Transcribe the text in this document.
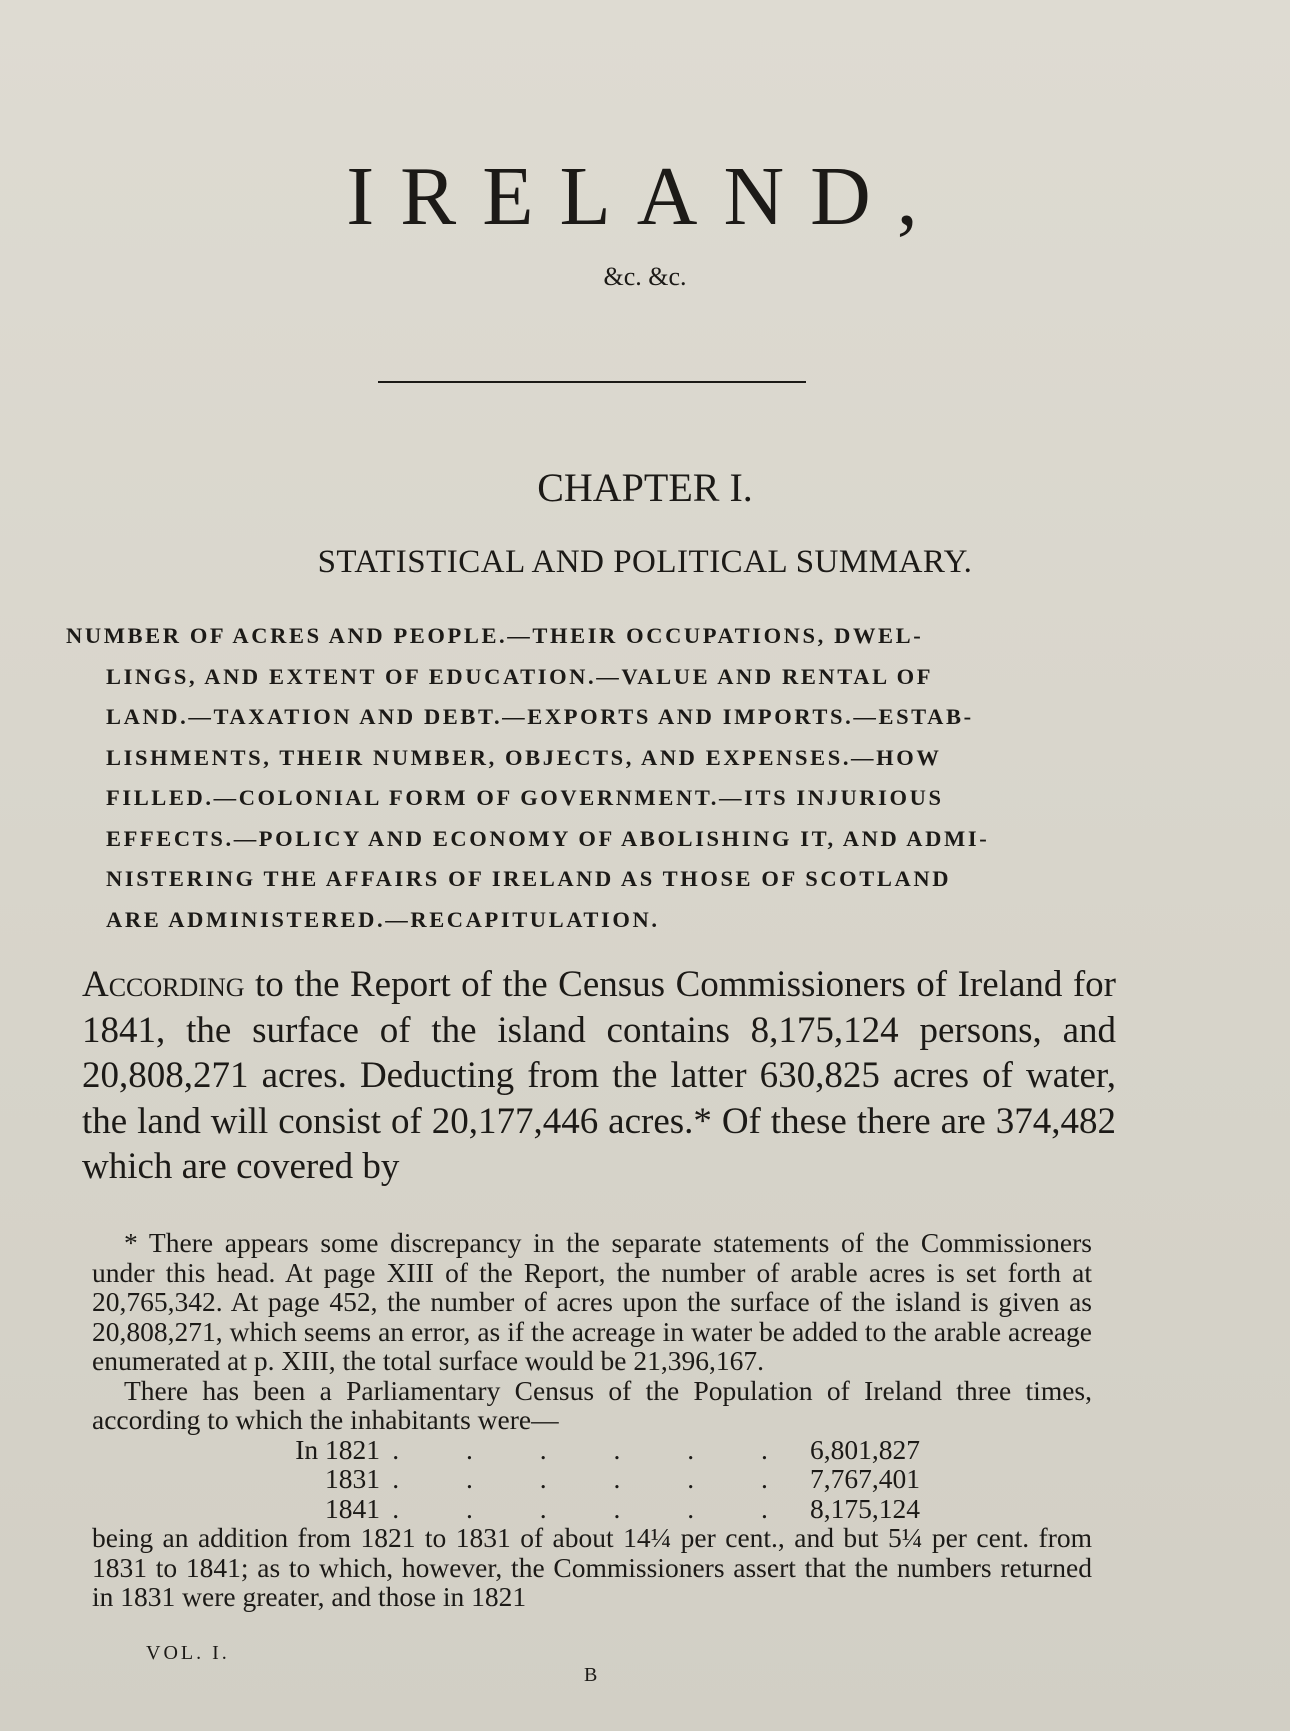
IRELAND,
&c. &c.
CHAPTER I.
STATISTICAL AND POLITICAL SUMMARY.
NUMBER OF ACRES AND PEOPLE.—THEIR OCCUPATIONS, DWEL-
LINGS, AND EXTENT OF EDUCATION.—VALUE AND RENTAL OF
LAND.—TAXATION AND DEBT.—EXPORTS AND IMPORTS.—ESTAB-
LISHMENTS, THEIR NUMBER, OBJECTS, AND EXPENSES.—HOW
FILLED.—COLONIAL FORM OF GOVERNMENT.—ITS INJURIOUS
EFFECTS.—POLICY AND ECONOMY OF ABOLISHING IT, AND ADMI-
NISTERING THE AFFAIRS OF IRELAND AS THOSE OF SCOTLAND
ARE ADMINISTERED.—RECAPITULATION.
According to the Report of the Census Commissioners of Ireland for 1841, the surface of the island contains 8,175,124 persons, and 20,808,271 acres. Deducting from the latter 630,825 acres of water, the land will consist of 20,177,446 acres.* Of these there are 374,482 which are covered by

* There appears some discrepancy in the separate statements of the Commissioners under this head. At page XIII of the Report, the number of arable acres is set forth at 20,765,342. At page 452, the number of acres upon the surface of the island is given as 20,808,271, which seems an error, as if the acreage in water be added to the arable acreage enumerated at p. XIII, the total surface would be 21,396,167.

There has been a Parliamentary Census of the Population of Ireland three times, according to which the inhabitants were—

In 1821 . . . . . . 6,801,827
1831 . . . . . . 7,767,401
1841 . . . . . . 8,175,124

being an addition from 1821 to 1831 of about 14¼ per cent., and but 5¼ per cent. from 1831 to 1841; as to which, however, the Commissioners assert that the numbers returned in 1831 were greater, and those in 1821

VOL. I.
B
